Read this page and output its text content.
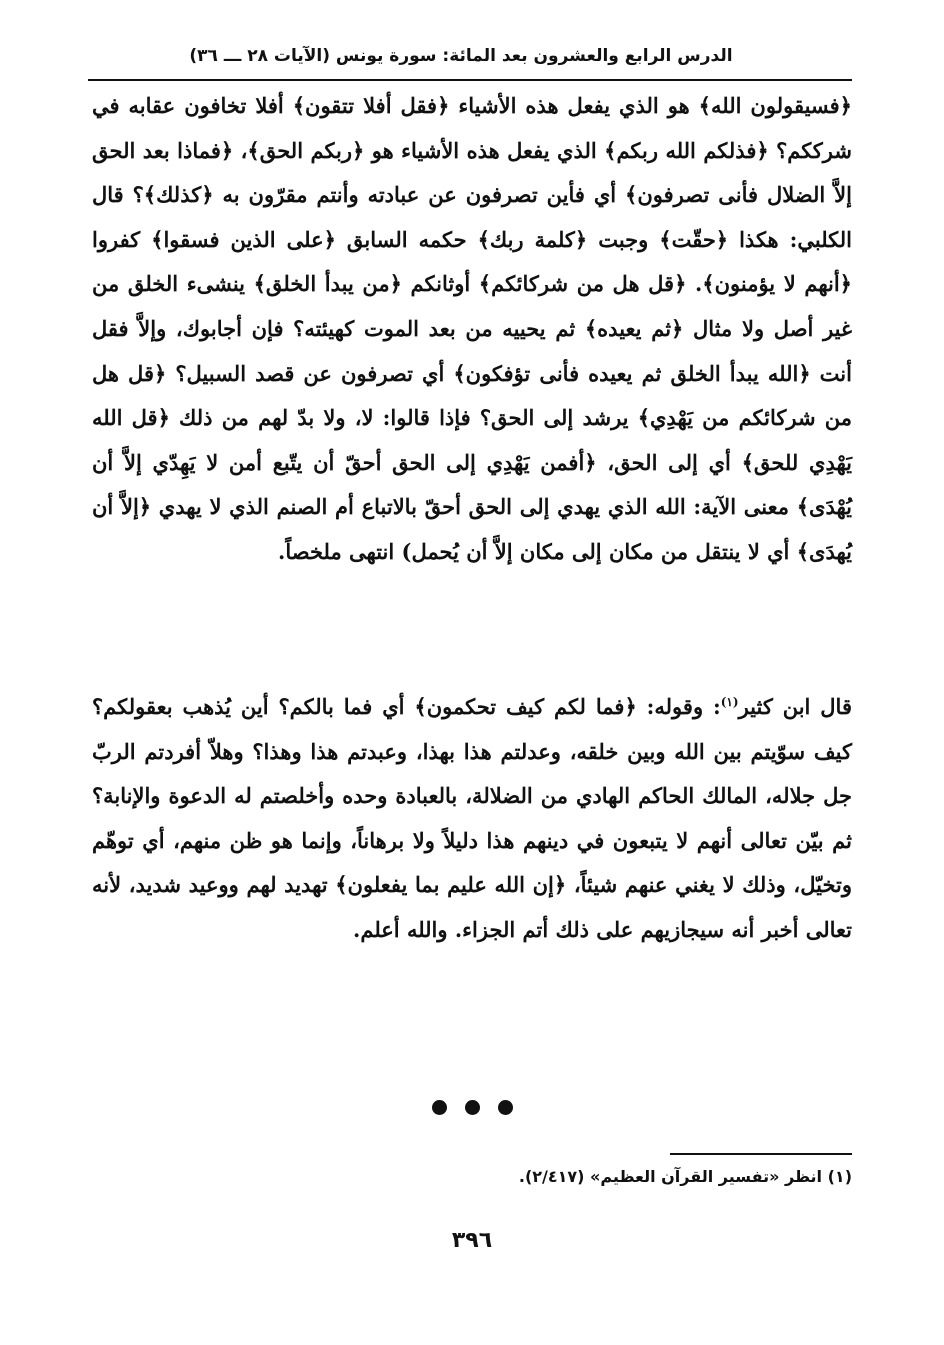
الدرس الرابع والعشرون بعد المائة: سورة يونس (الآيات ٢٨ ـــ ٣٦)

﴿فسيقولون الله﴾ هو الذي يفعل هذه الأشياء ﴿فقل أفلا تتقون﴾ أفلا تخافون عقابه في شرككم؟ ﴿فذلكم الله ربكم﴾ الذي يفعل هذه الأشياء هو ﴿ربكم الحق﴾، ﴿فماذا بعد الحق إلاَّ الضلال فأنى تصرفون﴾ أي فأين تصرفون عن عبادته وأنتم مقرّون به ﴿كذلك﴾؟ قال الكلبي: هكذا ﴿حقّت﴾ وجبت ﴿كلمة ربك﴾ حكمه السابق ﴿على الذين فسقوا﴾ كفروا ﴿أنهم لا يؤمنون﴾. ﴿قل هل من شركائكم﴾ أوثانكم ﴿من يبدأ الخلق﴾ ينشىء الخلق من غير أصل ولا مثال ﴿ثم يعيده﴾ ثم يحييه من بعد الموت كهيئته؟ فإن أجابوك، وإلاَّ فقل أنت ﴿الله يبدأ الخلق ثم يعيده فأنى تؤفكون﴾ أي تصرفون عن قصد السبيل؟ ﴿قل هل من شركائكم من يَهْدِي﴾ يرشد إلى الحق؟ فإذا قالوا: لا، ولا بدّ لهم من ذلك ﴿قل الله يَهْدِي للحق﴾ أي إلى الحق، ﴿أفمن يَهْدِي إلى الحق أحقّ أن يتّبع أمن لا يَهِدّي إلاَّ أن يُهْدَى﴾ معنى الآية: الله الذي يهدي إلى الحق أحقّ بالاتباع أم الصنم الذي لا يهدي ﴿إلاَّ أن يُهدَى﴾ أي لا ينتقل من مكان إلى مكان إلاَّ أن يُحمل) انتهى ملخصاً.

قال ابن كثير$^{(١)}$: وقوله: ﴿فما لكم كيف تحكمون﴾ أي فما بالكم؟ أين يُذهب بعقولكم؟ كيف سوّيتم بين الله وبين خلقه، وعدلتم هذا بهذا، وعبدتم هذا وهذا؟ وهلاّ أفردتم الربّ جل جلاله، المالك الحاكم الهادي من الضلالة، بالعبادة وحده وأخلصتم له الدعوة والإنابة؟ ثم بيّن تعالى أنهم لا يتبعون في دينهم هذا دليلاً ولا برهاناً، وإنما هو ظن منهم، أي توهّم وتخيّل، وذلك لا يغني عنهم شيئاً، ﴿إن الله عليم بما يفعلون﴾ تهديد لهم ووعيد شديد، لأنه تعالى أخبر أنه سيجازيهم على ذلك أتم الجزاء. والله أعلم.

(١) انظر «تفسير القرآن العظيم» (٢/٤١٧).

٣٩٦
